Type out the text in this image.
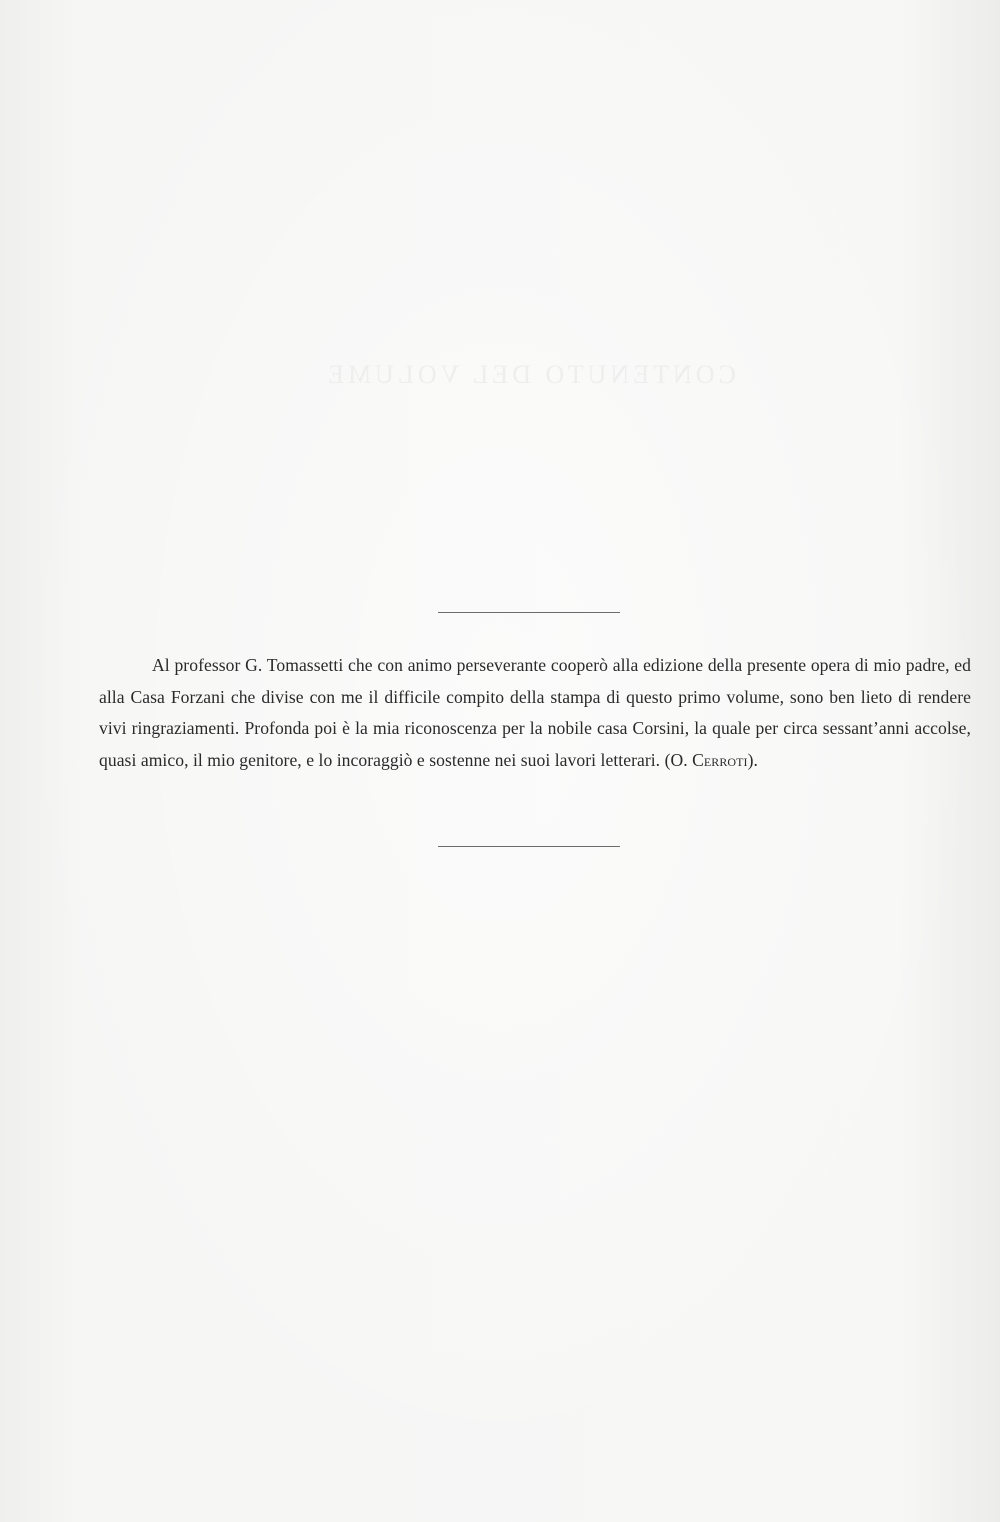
CONTENUTO DEL VOLUME

Al professor G. Tomassetti che con animo perseverante cooperò alla edizione della presente opera di mio padre, ed alla Casa Forzani che divise con me il difficile compito della stampa di questo primo volume, sono ben lieto di rendere vivi ringraziamenti. Profonda poi è la mia riconoscenza per la nobile casa Corsini, la quale per circa sessant’anni accolse, quasi amico, il mio genitore, e lo incoraggiò e sostenne nei suoi lavori letterari. (O. Cerroti).
